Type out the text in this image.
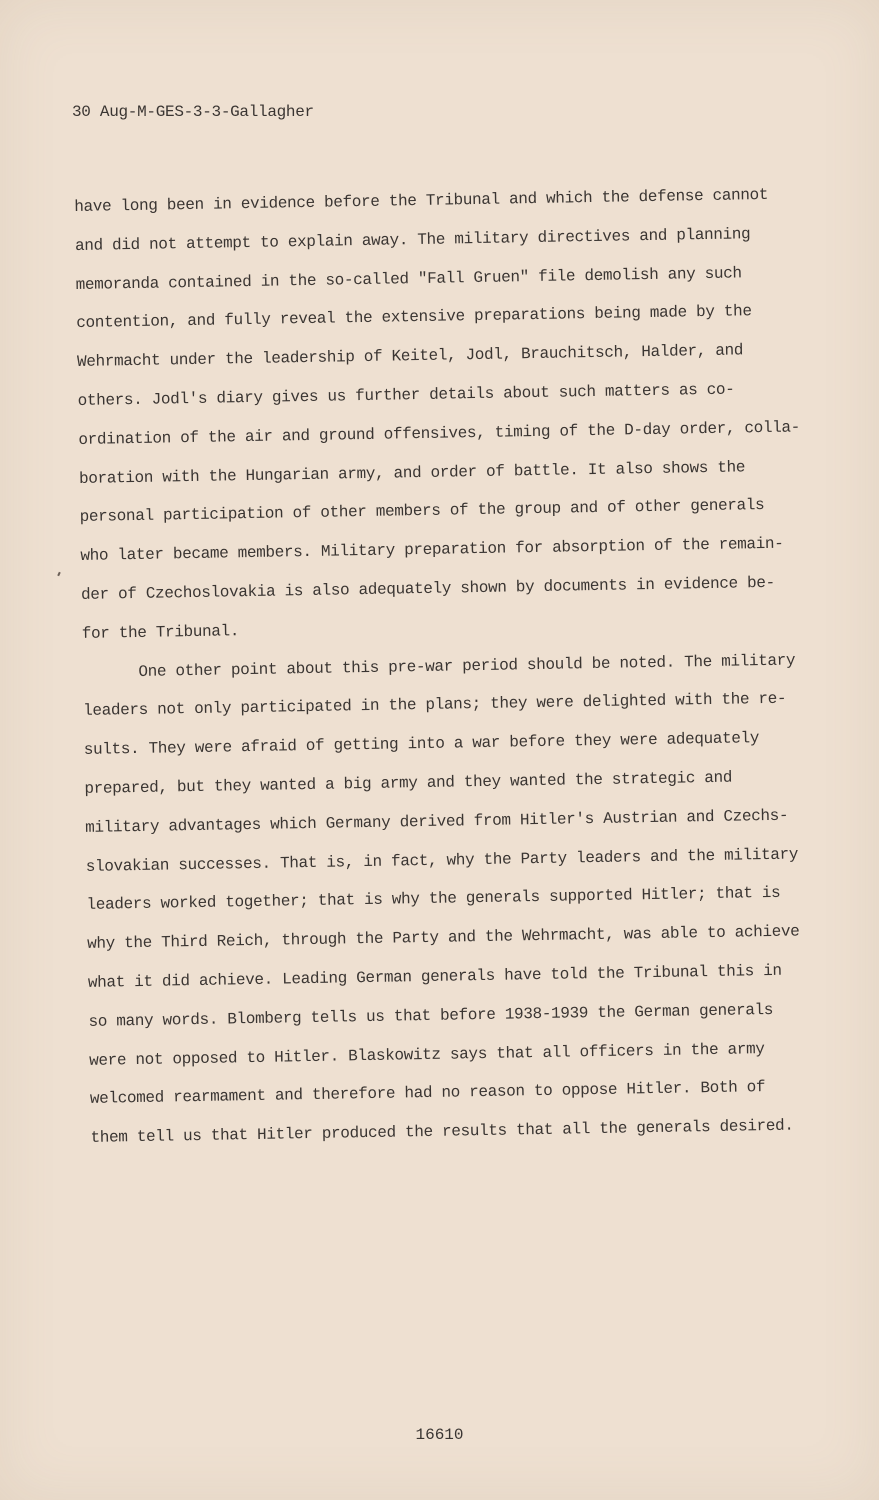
30 Aug-M-GES-3-3-Gallagher
have long been in evidence before the Tribunal and which the defense cannot
and did not attempt to explain away. The military directives and planning
memoranda contained in the so-called "Fall Gruen" file demolish any such
contention, and fully reveal the extensive preparations being made by the
Wehrmacht under the leadership of Keitel, Jodl, Brauchitsch, Halder, and
others. Jodl's diary gives us further details about such matters as co-
ordination of the air and ground offensives, timing of the D-day order, colla-
boration with the Hungarian army, and order of battle. It also shows the
personal participation of other members of the group and of other generals
who later became members. Military preparation for absorption of the remain-
der of Czechoslovakia is also adequately shown by documents in evidence be-
for the Tribunal.
One other point about this pre-war period should be noted. The military
leaders not only participated in the plans; they were delighted with the re-
sults. They were afraid of getting into a war before they were adequately
prepared, but they wanted a big army and they wanted the strategic and
military advantages which Germany derived from Hitler's Austrian and Czechs-
slovakian successes. That is, in fact, why the Party leaders and the military
leaders worked together; that is why the generals supported Hitler; that is
why the Third Reich, through the Party and the Wehrmacht, was able to achieve
what it did achieve. Leading German generals have told the Tribunal this in
so many words. Blomberg tells us that before 1938-1939 the German generals
were not opposed to Hitler. Blaskowitz says that all officers in the army
welcomed rearmament and therefore had no reason to oppose Hitler. Both of
them tell us that Hitler produced the results that all the generals desired.
16610
